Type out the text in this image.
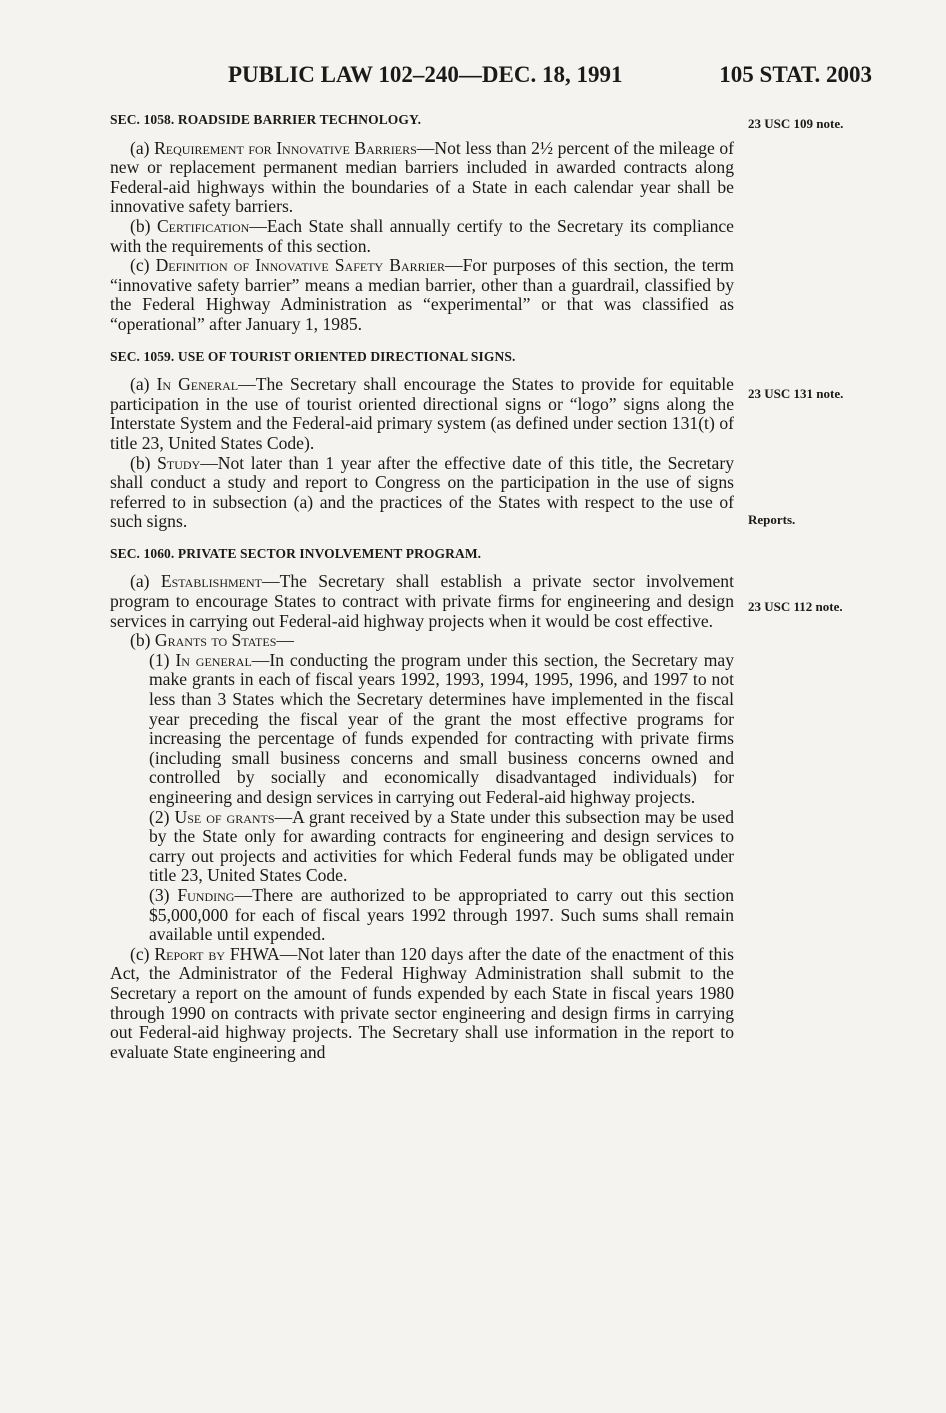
PUBLIC LAW 102–240—DEC. 18, 1991	105 STAT. 2003
SEC. 1058. ROADSIDE BARRIER TECHNOLOGY.

(a) Requirement for Innovative Barriers—Not less than 2½ percent of the mileage of new or replacement permanent median barriers included in awarded contracts along Federal-aid highways within the boundaries of a State in each calendar year shall be innovative safety barriers.

(b) Certification—Each State shall annually certify to the Secretary its compliance with the requirements of this section.

(c) Definition of Innovative Safety Barrier—For purposes of this section, the term “innovative safety barrier” means a median barrier, other than a guardrail, classified by the Federal Highway Administration as “experimental” or that was classified as “operational” after January 1, 1985.

SEC. 1059. USE OF TOURIST ORIENTED DIRECTIONAL SIGNS.

(a) In General—The Secretary shall encourage the States to provide for equitable participation in the use of tourist oriented directional signs or “logo” signs along the Interstate System and the Federal-aid primary system (as defined under section 131(t) of title 23, United States Code).

(b) Study—Not later than 1 year after the effective date of this title, the Secretary shall conduct a study and report to Congress on the participation in the use of signs referred to in subsection (a) and the practices of the States with respect to the use of such signs.

SEC. 1060. PRIVATE SECTOR INVOLVEMENT PROGRAM.

(a) Establishment—The Secretary shall establish a private sector involvement program to encourage States to contract with private firms for engineering and design services in carrying out Federal-aid highway projects when it would be cost effective.

(b) Grants to States—

(1) In general—In conducting the program under this section, the Secretary may make grants in each of fiscal years 1992, 1993, 1994, 1995, 1996, and 1997 to not less than 3 States which the Secretary determines have implemented in the fiscal year preceding the fiscal year of the grant the most effective programs for increasing the percentage of funds expended for contracting with private firms (including small business concerns and small business concerns owned and controlled by socially and economically disadvantaged individuals) for engineering and design services in carrying out Federal-aid highway projects.

(2) Use of grants—A grant received by a State under this subsection may be used by the State only for awarding contracts for engineering and design services to carry out projects and activities for which Federal funds may be obligated under title 23, United States Code.

(3) Funding—There are authorized to be appropriated to carry out this section $5,000,000 for each of fiscal years 1992 through 1997. Such sums shall remain available until expended.

(c) Report by FHWA—Not later than 120 days after the date of the enactment of this Act, the Administrator of the Federal Highway Administration shall submit to the Secretary a report on the amount of funds expended by each State in fiscal years 1980 through 1990 on contracts with private sector engineering and design firms in carrying out Federal-aid highway projects. The Secretary shall use information in the report to evaluate State engineering and

23 USC 109 note.
23 USC 131 note.
Reports.
23 USC 112 note.
